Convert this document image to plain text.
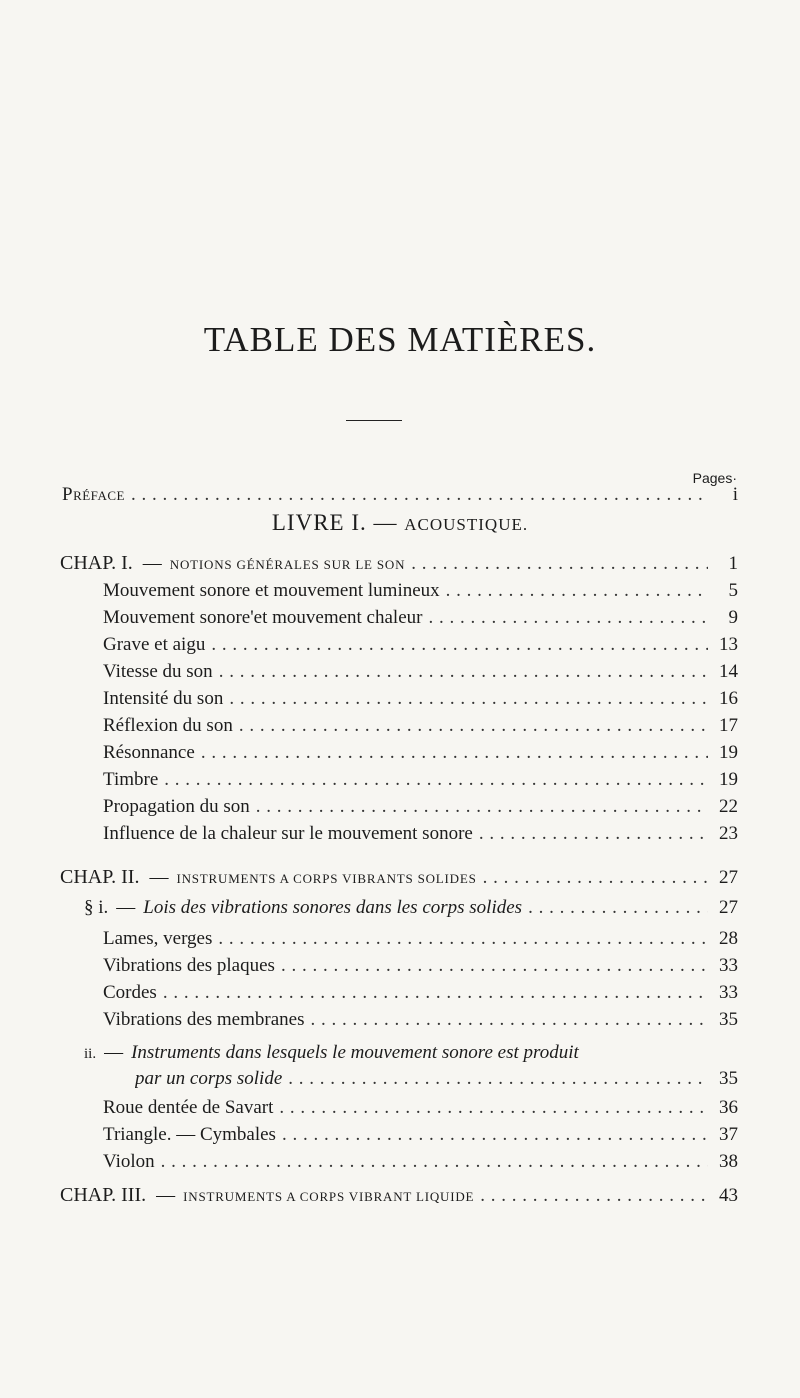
TABLE DES MATIÈRES.
Pages·
Préface . . .	i
LIVRE I. — ACOUSTIQUE.
CHAP. I. — NOTIONS GÉNÉRALES SUR LE SON . . .	1
Mouvement sonore et mouvement lumineux . . .	5
Mouvement sonore'et mouvement chaleur . . .	9
Grave et aigu . . .	13
Vitesse du son . . .	14
Intensité du son . . .	16
Réflexion du son . . .	17
Résonnance . . .	19
Timbre . . .	19
Propagation du son . . .	22
Influence de la chaleur sur le mouvement sonore . . .	23
CHAP. II. — INSTRUMENTS A CORPS VIBRANTS SOLIDES . . .	27
§ i. — Lois des vibrations sonores dans les corps solides . . .	27
Lames, verges . . .	28
Vibrations des plaques . . .	33
Cordes . . .	33
Vibrations des membranes . . .	35
ii. — Instruments dans lesquels le mouvement sonore est produit
par un corps solide . . .	35
Roue dentée de Savart . . .	36
Triangle. — Cymbales . . .	37
Violon . . .	38
CHAP. III. — INSTRUMENTS A CORPS VIBRANT LIQUIDE . . .	43
